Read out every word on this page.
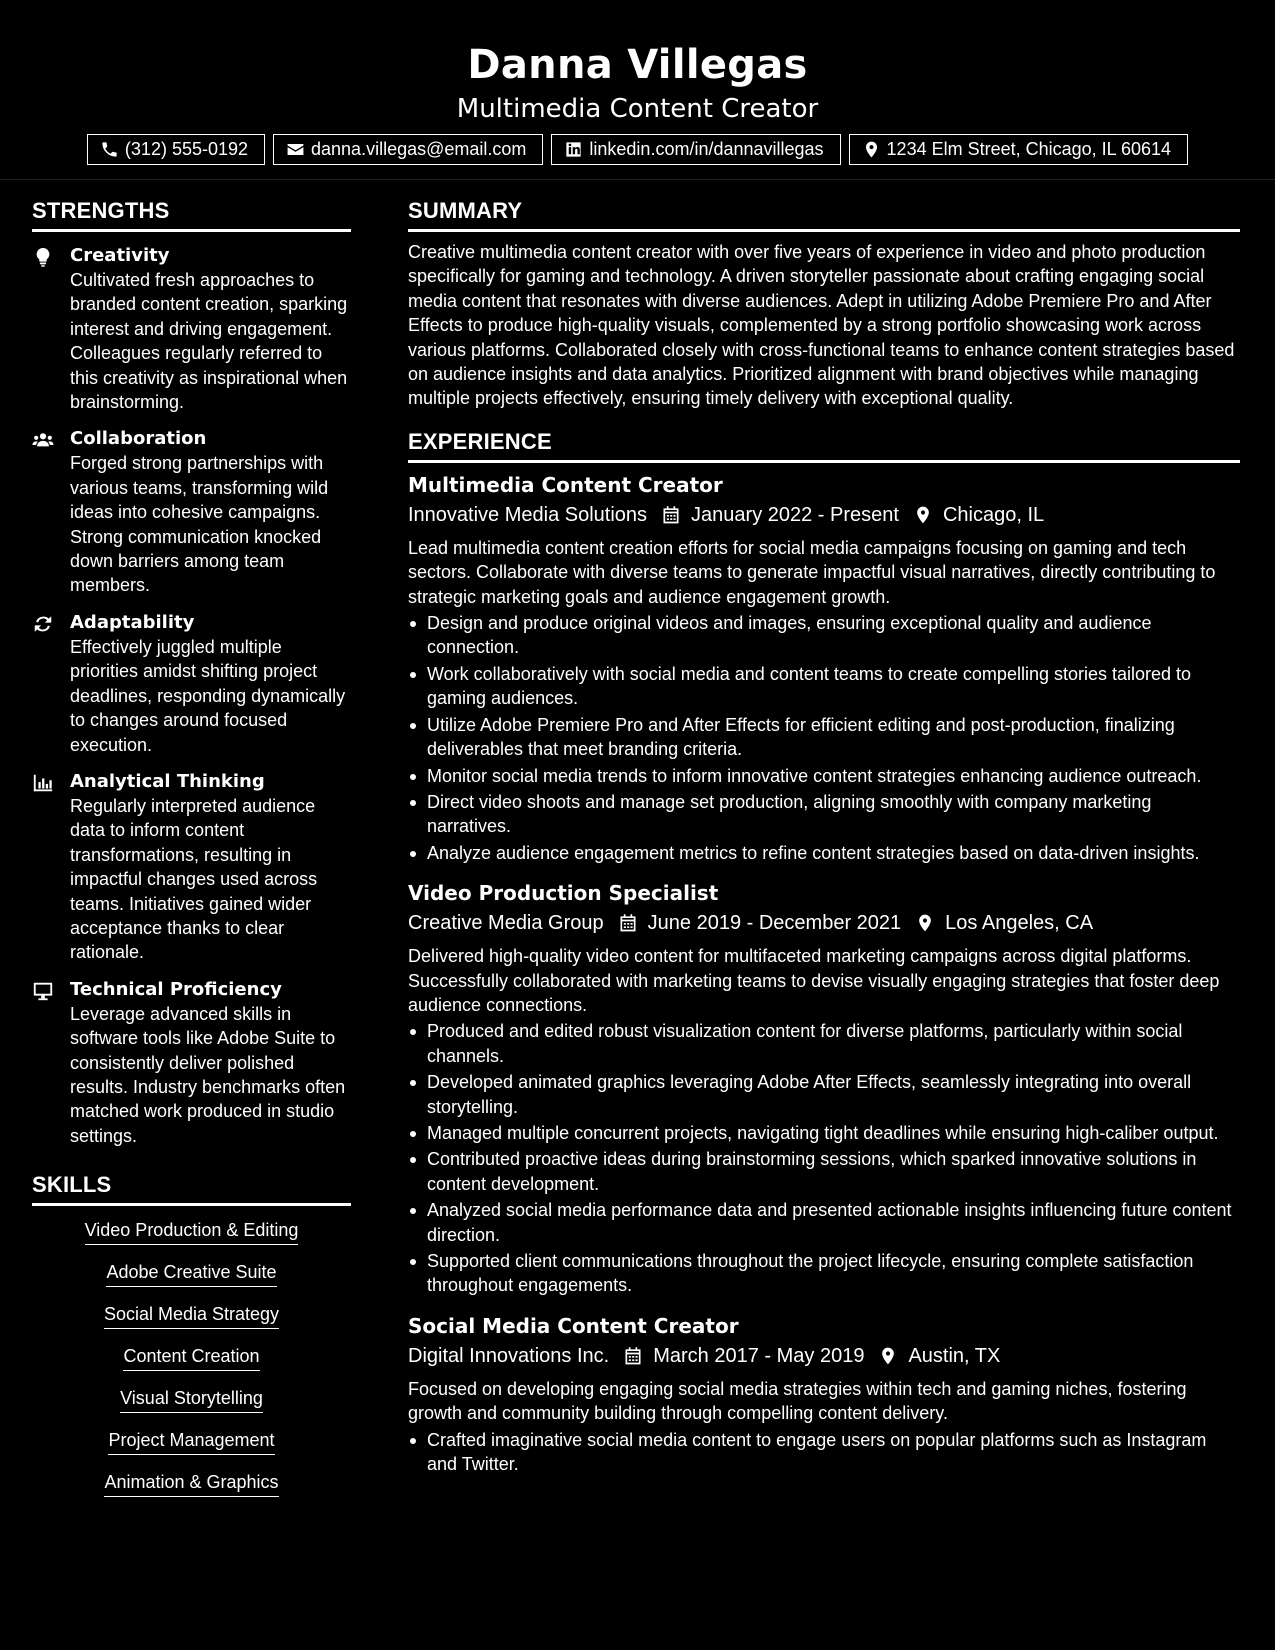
Danna Villegas
Multimedia Content Creator
(312) 555-0192	danna.villegas@email.com	linkedin.com/in/dannavillegas	1234 Elm Street, Chicago, IL 60614
STRENGTHS
Creativity
Cultivated fresh approaches to branded content creation, sparking interest and driving engagement. Colleagues regularly referred to this creativity as inspirational when brainstorming.
Collaboration
Forged strong partnerships with various teams, transforming wild ideas into cohesive campaigns. Strong communication knocked down barriers among team members.
Adaptability
Effectively juggled multiple priorities amidst shifting project deadlines, responding dynamically to changes around focused execution.
Analytical Thinking
Regularly interpreted audience data to inform content transformations, resulting in impactful changes used across teams. Initiatives gained wider acceptance thanks to clear rationale.
Technical Proficiency
Leverage advanced skills in software tools like Adobe Suite to consistently deliver polished results. Industry benchmarks often matched work produced in studio settings.
SKILLS
Video Production & Editing
Adobe Creative Suite
Social Media Strategy
Content Creation
Visual Storytelling
Project Management
Animation & Graphics
SUMMARY

Creative multimedia content creator with over five years of experience in video and photo production specifically for gaming and technology. A driven storyteller passionate about crafting engaging social media content that resonates with diverse audiences. Adept in utilizing Adobe Premiere Pro and After Effects to produce high-quality visuals, complemented by a strong portfolio showcasing work across various platforms. Collaborated closely with cross-functional teams to enhance content strategies based on audience insights and data analytics. Prioritized alignment with brand objectives while managing multiple projects effectively, ensuring timely delivery with exceptional quality.

EXPERIENCE
Multimedia Content Creator
Innovative Media Solutions January 2022 - Present Chicago, IL

Lead multimedia content creation efforts for social media campaigns focusing on gaming and tech sectors. Collaborate with diverse teams to generate impactful visual narratives, directly contributing to strategic marketing goals and audience engagement growth.

Design and produce original videos and images, ensuring exceptional quality and audience connection.
Work collaboratively with social media and content teams to create compelling stories tailored to gaming audiences.
Utilize Adobe Premiere Pro and After Effects for efficient editing and post-production, finalizing deliverables that meet branding criteria.
Monitor social media trends to inform innovative content strategies enhancing audience outreach.
Direct video shoots and manage set production, aligning smoothly with company marketing narratives.
Analyze audience engagement metrics to refine content strategies based on data-driven insights.
Video Production Specialist
Creative Media Group June 2019 - December 2021 Los Angeles, CA

Delivered high-quality video content for multifaceted marketing campaigns across digital platforms. Successfully collaborated with marketing teams to devise visually engaging strategies that foster deep audience connections.

Produced and edited robust visualization content for diverse platforms, particularly within social channels.
Developed animated graphics leveraging Adobe After Effects, seamlessly integrating into overall storytelling.
Managed multiple concurrent projects, navigating tight deadlines while ensuring high-caliber output.
Contributed proactive ideas during brainstorming sessions, which sparked innovative solutions in content development.
Analyzed social media performance data and presented actionable insights influencing future content direction.
Supported client communications throughout the project lifecycle, ensuring complete satisfaction throughout engagements.
Social Media Content Creator
Digital Innovations Inc. March 2017 - May 2019 Austin, TX

Focused on developing engaging social media strategies within tech and gaming niches, fostering growth and community building through compelling content delivery.

Crafted imaginative social media content to engage users on popular platforms such as Instagram and Twitter.
